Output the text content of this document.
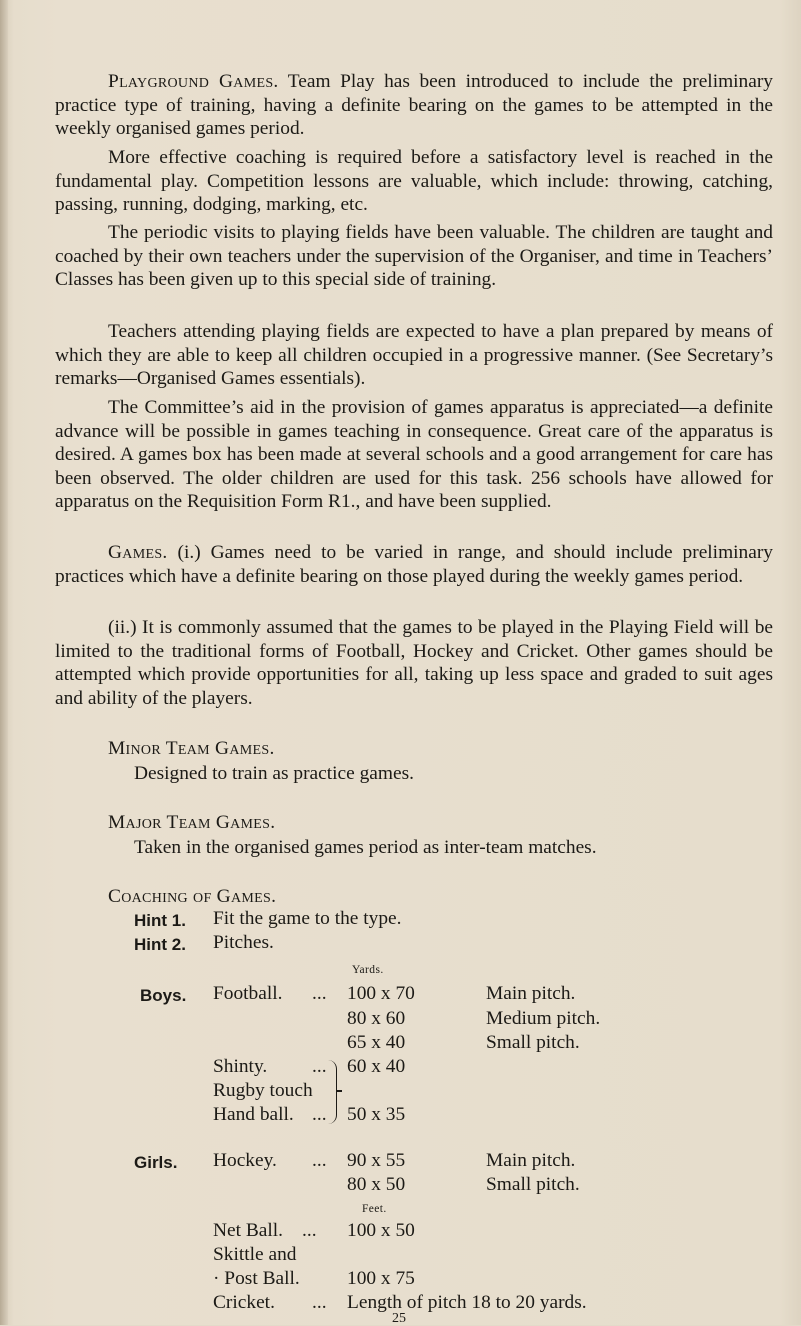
Playground Games. Team Play has been introduced to include the preliminary practice type of training, having a definite bearing on the games to be attempted in the weekly organised games period.
More effective coaching is required before a satisfactory level is reached in the fundamental play. Competition lessons are valuable, which include: throwing, catching, passing, running, dodging, marking, etc.
The periodic visits to playing fields have been valuable. The children are taught and coached by their own teachers under the supervision of the Organiser, and time in Teachers’ Classes has been given up to this special side of training.
Teachers attending playing fields are expected to have a plan prepared by means of which they are able to keep all children occupied in a progressive manner. (See Secretary’s remarks—Organised Games essentials).
The Committee’s aid in the provision of games apparatus is appreciated—a definite advance will be possible in games teaching in consequence. Great care of the apparatus is desired. A games box has been made at several schools and a good arrangement for care has been observed. The older children are used for this task. 256 schools have allowed for apparatus on the Requisition Form R1., and have been supplied.
Games. (i.) Games need to be varied in range, and should include preliminary practices which have a definite bearing on those played during the weekly games period.
(ii.) It is commonly assumed that the games to be played in the Playing Field will be limited to the traditional forms of Football, Hockey and Cricket. Other games should be attempted which provide opportunities for all, taking up less space and graded to suit ages and ability of the players.
Minor Team Games.
Designed to train as practice games.
Major Team Games.
Taken in the organised games period as inter-team matches.
Coaching of Games.
Hint 1. Fit the game to the type.
Hint 2. Pitches.
Yards.
Boys. Football. ... 100 x 70	Main pitch.
80 x 60	Medium pitch.
65 x 40	Small pitch.
Shinty. ... 60 x 40
Rugby touch
Hand ball. ... 50 x 35
Girls. Hockey. ... 90 x 55	Main pitch.
80 x 50	Small pitch.
Feet.
Net Ball. ... 100 x 50
Skittle and
· Post Ball. 100 x 75
Cricket. ... Length of pitch 18 to 20 yards.
25
